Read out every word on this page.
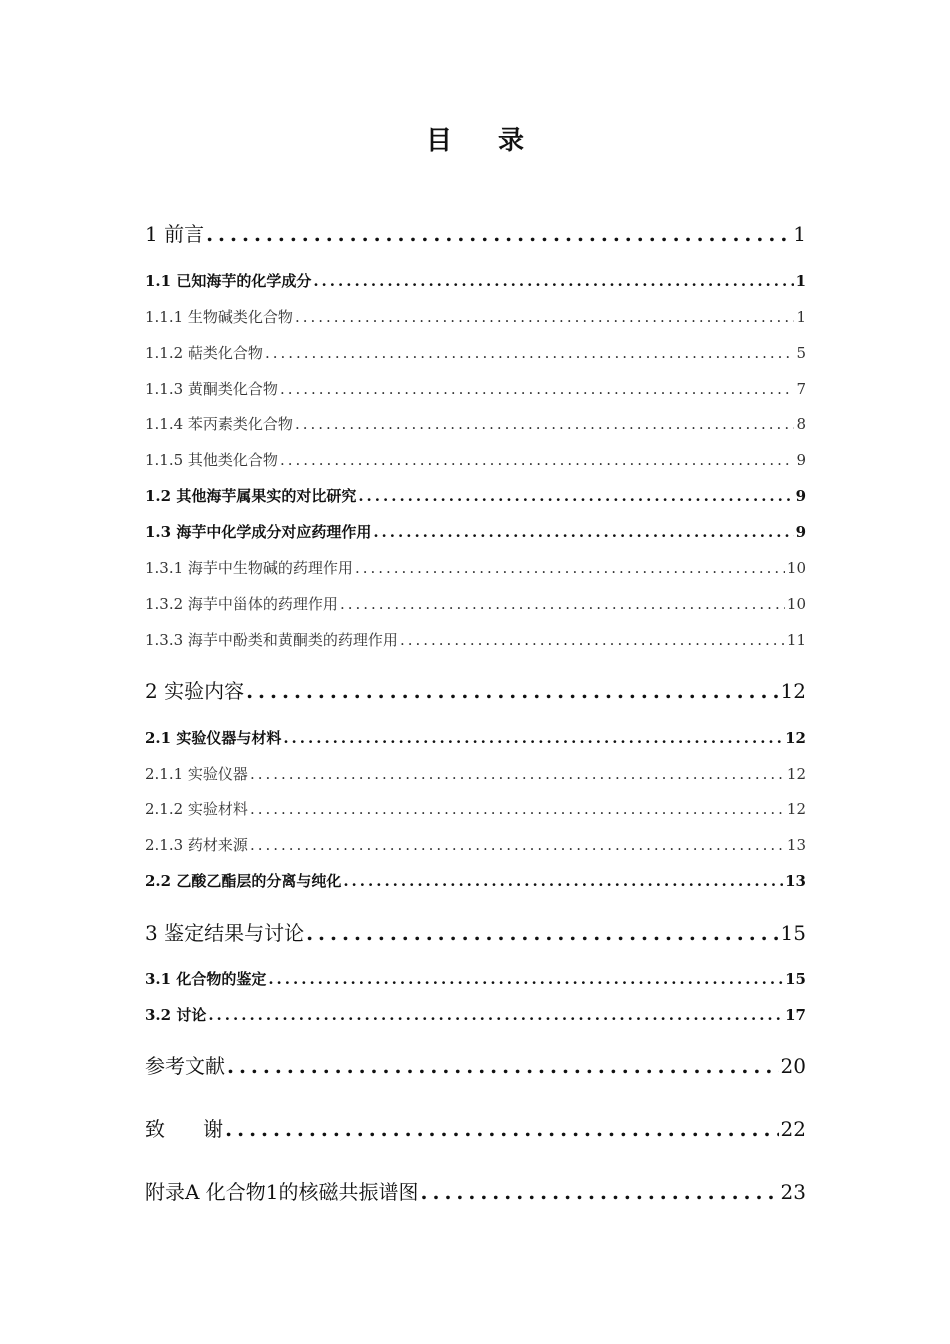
目 录
1 前言 .....	1
1.1 已知海芋的化学成分 .....	1
1.1.1 生物碱类化合物 .....	1
1.1.2 萜类化合物 .....	5
1.1.3 黄酮类化合物 .....	7
1.1.4 苯丙素类化合物 .....	8
1.1.5 其他类化合物 .....	9
1.2 其他海芋属果实的对比研究 .....	9
1.3 海芋中化学成分对应药理作用 .....	9
1.3.1 海芋中生物碱的药理作用 .....	10
1.3.2 海芋中甾体的药理作用 .....	10
1.3.3 海芋中酚类和黄酮类的药理作用 .....	11
2 实验内容 .....	12
2.1 实验仪器与材料 .....	12
2.1.1 实验仪器 .....	12
2.1.2 实验材料 .....	12
2.1.3 药材来源 .....	13
2.2 乙酸乙酯层的分离与纯化 .....	13
3 鉴定结果与讨论 .....	15
3.1 化合物的鉴定 .....	15
3.2 讨论 .....	17
参考文献 .....	20
致      谢 .....	22
附录A 化合物1的核磁共振谱图 .....	23
